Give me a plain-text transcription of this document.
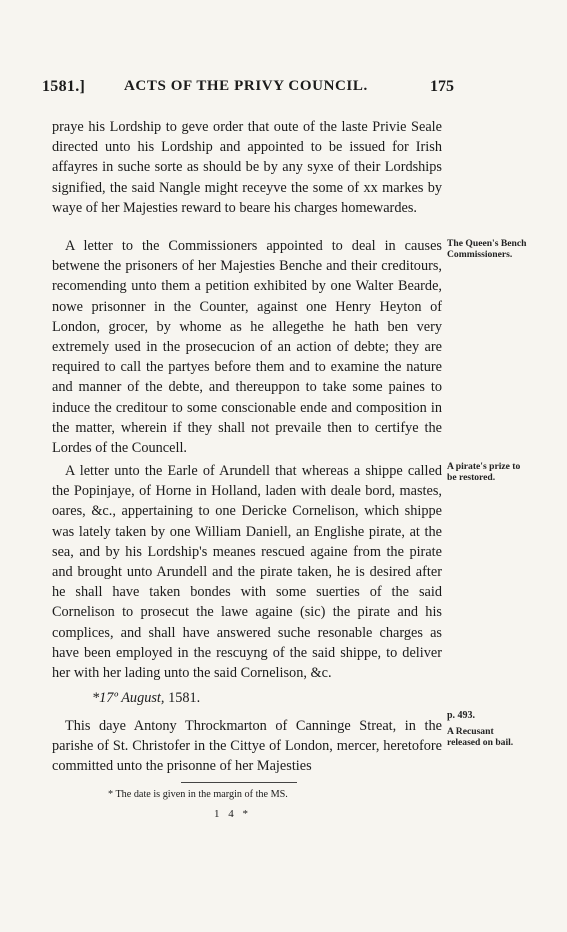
1581.]	ACTS OF THE PRIVY COUNCIL.	175

praye his Lordship to geve order that oute of the laste Privie Seale directed unto his Lordship and appointed to be issued for Irish affayres in suche sorte as should be by any syxe of their Lordships signified, the said Nangle might receyve the some of xx markes by waye of her Majesties reward to beare his charges homewardes.

A letter to the Commissioners appointed to deal in causes betwene the prisoners of her Majesties Benche and their creditours, recomending unto them a petition exhibited by one Walter Bearde, nowe prisonner in the Counter, against one Henry Heyton of London, grocer, by whome as he allegethe he hath ben very extremely used in the prosecucion of an action of debte; they are required to call the partyes before them and to examine the nature and manner of the debte, and thereuppon to take some paines to induce the creditour to some conscionable ende and composition in the matter, wherein if they shall not prevaile then to certifye the Lordes of the Councell.

A letter unto the Earle of Arundell that whereas a shippe called the Popinjaye, of Horne in Holland, laden with deale bord, mastes, oares, &c., appertaining to one Dericke Cornelison, which shippe was lately taken by one William Daniell, an Englishe pirate, at the sea, and by his Lordship's meanes rescued againe from the pirate and brought unto Arundell and the pirate taken, he is desired after he shall have taken bondes with some suerties of the said Cornelison to prosecut the lawe againe (sic) the pirate and his complices, and shall have answered suche resonable charges as have been employed in the rescuyng of the said shippe, to deliver her with her lading unto the said Cornelison, &c.

*17º August, 1581.

This daye Antony Throckmarton of Canninge Streat, in the parishe of St. Christofer in the Cittye of London, mercer, heretofore committed unto the prisonne of her Majesties

The Queen's Bench Commissioners.
A pirate's prize to be restored.
p. 493.
A Recusant released on bail.
* The date is given in the margin of the MS.
1 4 *
